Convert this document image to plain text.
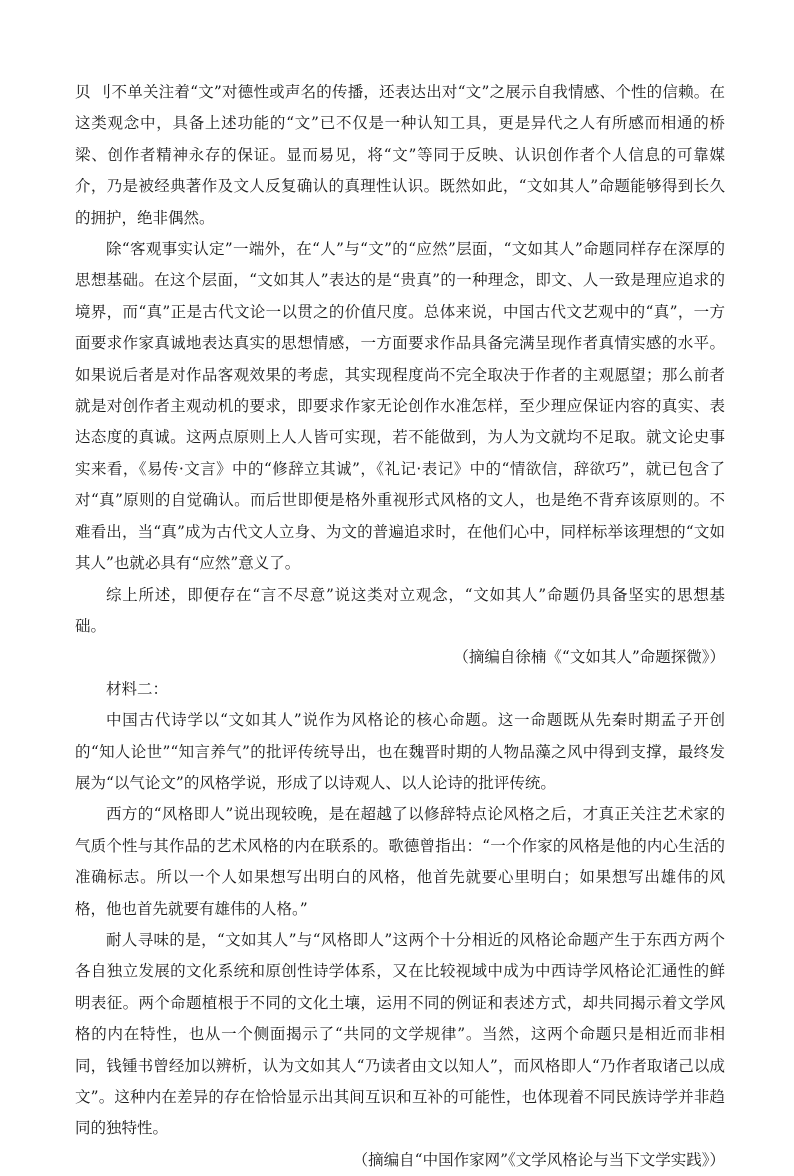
贝 刂不单关注着“文”对德性或声名的传播，还表达出对“文”之展示自我情感、个性的信赖。在这类观念中，具备上述功能的“文”已不仅是一种认知工具，更是异代之人有所感而相通的桥梁、创作者精神永存的保证。显而易见，将“文”等同于反映、认识创作者个人信息的可靠媒介，乃是被经典著作及文人反复确认的真理性认识。既然如此，“文如其人”命题能够得到长久的拥护，绝非偶然。

除“客观事实认定”一端外，在“人”与“文”的“应然”层面，“文如其人”命题同样存在深厚的思想基础。在这个层面，“文如其人”表达的是“贵真”的一种理念，即文、人一致是理应追求的境界，而“真”正是古代文论一以贯之的价值尺度。总体来说，中国古代文艺观中的“真”，一方面要求作家真诚地表达真实的思想情感，一方面要求作品具备完满呈现作者真情实感的水平。如果说后者是对作品客观效果的考虑，其实现程度尚不完全取决于作者的主观愿望；那么前者就是对创作者主观动机的要求，即要求作家无论创作水准怎样，至少理应保证内容的真实、表达态度的真诚。这两点原则上人人皆可实现，若不能做到，为人为文就均不足取。就文论史事实来看，《易传·文言》中的“修辞立其诚”，《礼记·表记》中的“情欲信，辞欲巧”，就已包含了对“真”原则的自觉确认。而后世即便是格外重视形式风格的文人，也是绝不背弃该原则的。不难看出，当“真”成为古代文人立身、为文的普遍追求时，在他们心中，同样标举该理想的“文如其人”也就必具有“应然”意义了。

综上所述，即便存在“言不尽意”说这类对立观念，“文如其人”命题仍具备坚实的思想基础。

（摘编自徐楠《“文如其人”命题探微》）

材料二：

中国古代诗学以“文如其人”说作为风格论的核心命题。这一命题既从先秦时期孟子开创的“知人论世”“知言养气”的批评传统导出，也在魏晋时期的人物品藻之风中得到支撑，最终发展为“以气论文”的风格学说，形成了以诗观人、以人论诗的批评传统。

西方的“风格即人”说出现较晚，是在超越了以修辞特点论风格之后，才真正关注艺术家的气质个性与其作品的艺术风格的内在联系的。歌德曾指出：“一个作家的风格是他的内心生活的准确标志。所以一个人如果想写出明白的风格，他首先就要心里明白；如果想写出雄伟的风格，他也首先就要有雄伟的人格。”

耐人寻味的是，“文如其人”与“风格即人”这两个十分相近的风格论命题产生于东西方两个各自独立发展的文化系统和原创性诗学体系，又在比较视域中成为中西诗学风格论汇通性的鲜明表征。两个命题植根于不同的文化土壤，运用不同的例证和表述方式，却共同揭示着文学风格的内在特性，也从一个侧面揭示了“共同的文学规律”。当然，这两个命题只是相近而非相同，钱锺书曾经加以辨析，认为文如其人“乃读者由文以知人”，而风格即人“乃作者取诸己以成文”。这种内在差异的存在恰恰显示出其间互识和互补的可能性，也体现着不同民族诗学并非趋同的独特性。

（摘编自“中国作家网”《文学风格论与当下文学实践》）
